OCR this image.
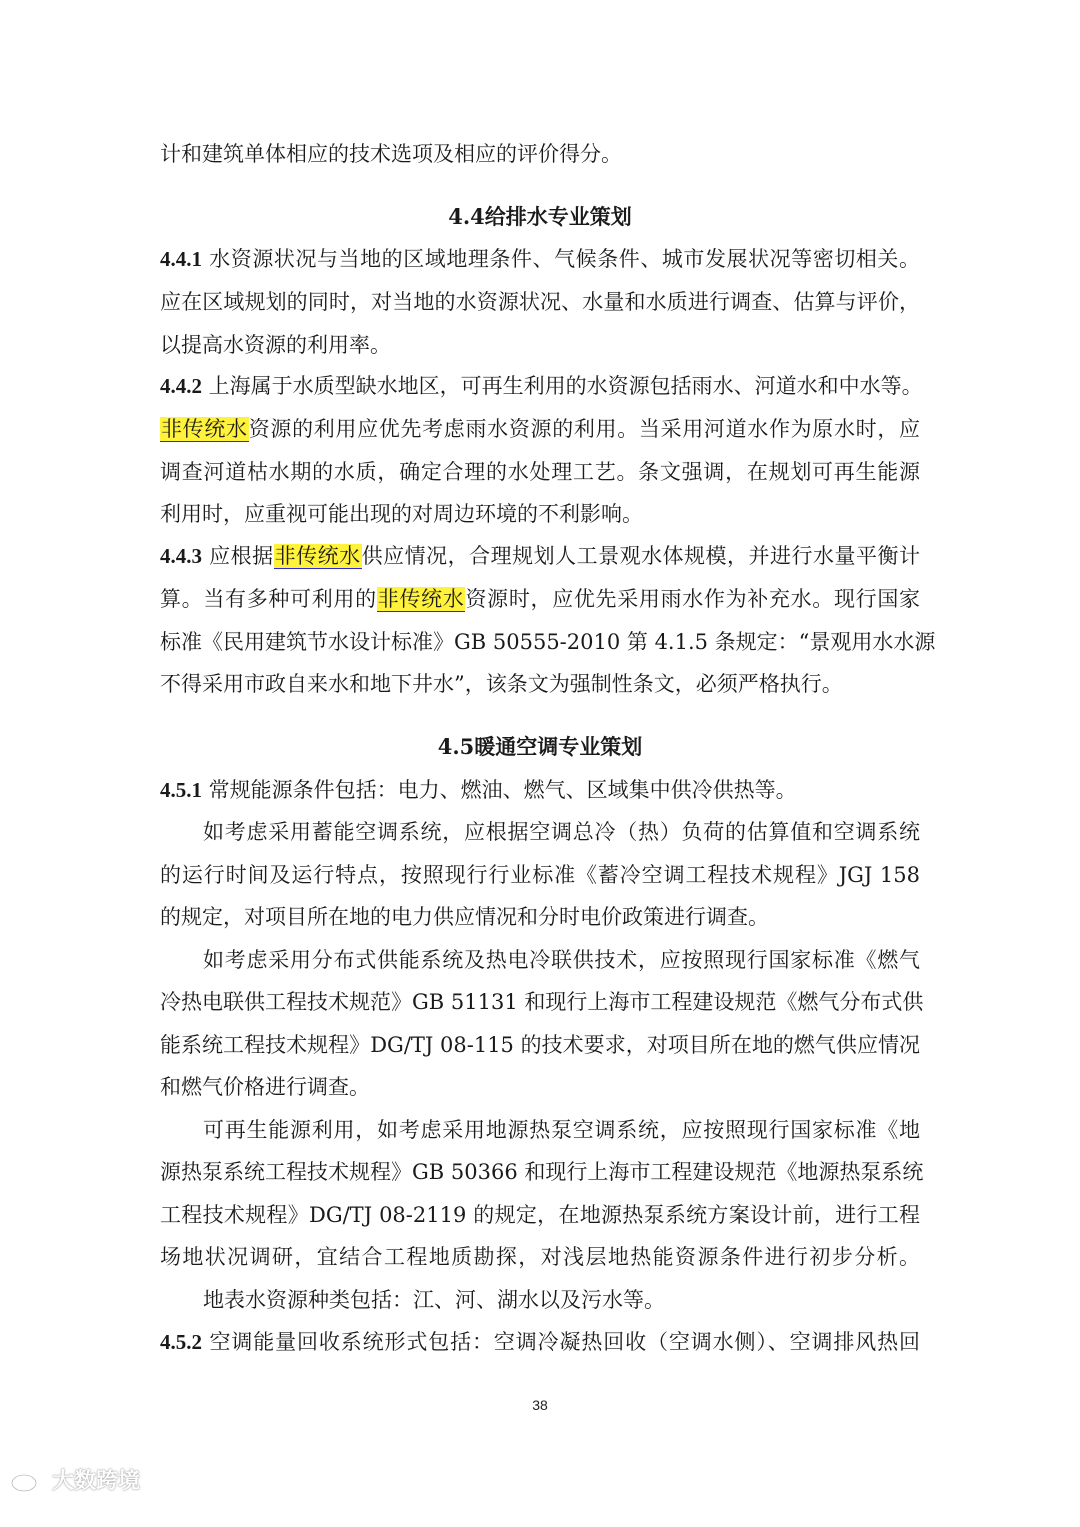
计和建筑单体相应的技术选项及相应的评价得分。
4.4给排水专业策划
4.4.1 水资源状况与当地的区域地理条件、气候条件、城市发展状况等密切相关。
应在区域规划的同时，对当地的水资源状况、水量和水质进行调查、估算与评价，
以提高水资源的利用率。
4.4.2 上海属于水质型缺水地区，可再生利用的水资源包括雨水、河道水和中水等。
非传统水资源的利用应优先考虑雨水资源的利用。当采用河道水作为原水时，应
调查河道枯水期的水质，确定合理的水处理工艺。条文强调，在规划可再生能源
利用时，应重视可能出现的对周边环境的不利影响。
4.4.3 应根据非传统水供应情况，合理规划人工景观水体规模，并进行水量平衡计
算。当有多种可利用的非传统水资源时，应优先采用雨水作为补充水。现行国家
标准《民用建筑节水设计标准》GB 50555-2010 第 4.1.5 条规定：“景观用水水源
不得采用市政自来水和地下井水”，该条文为强制性条文，必须严格执行。
4.5暖通空调专业策划
4.5.1 常规能源条件包括：电力、燃油、燃气、区域集中供冷供热等。
如考虑采用蓄能空调系统，应根据空调总冷（热）负荷的估算值和空调系统
的运行时间及运行特点，按照现行行业标准《蓄冷空调工程技术规程》JGJ 158
的规定，对项目所在地的电力供应情况和分时电价政策进行调查。
如考虑采用分布式供能系统及热电冷联供技术，应按照现行国家标准《燃气
冷热电联供工程技术规范》GB 51131 和现行上海市工程建设规范《燃气分布式供
能系统工程技术规程》DG/TJ 08-115 的技术要求，对项目所在地的燃气供应情况
和燃气价格进行调查。
可再生能源利用，如考虑采用地源热泵空调系统，应按照现行国家标准《地
源热泵系统工程技术规程》GB 50366 和现行上海市工程建设规范《地源热泵系统
工程技术规程》DG/TJ 08-2119 的规定，在地源热泵系统方案设计前，进行工程
场地状况调研，宜结合工程地质勘探，对浅层地热能资源条件进行初步分析。
地表水资源种类包括：江、河、湖水以及污水等。
4.5.2 空调能量回收系统形式包括：空调冷凝热回收（空调水侧）、空调排风热回
38
大数跨境
